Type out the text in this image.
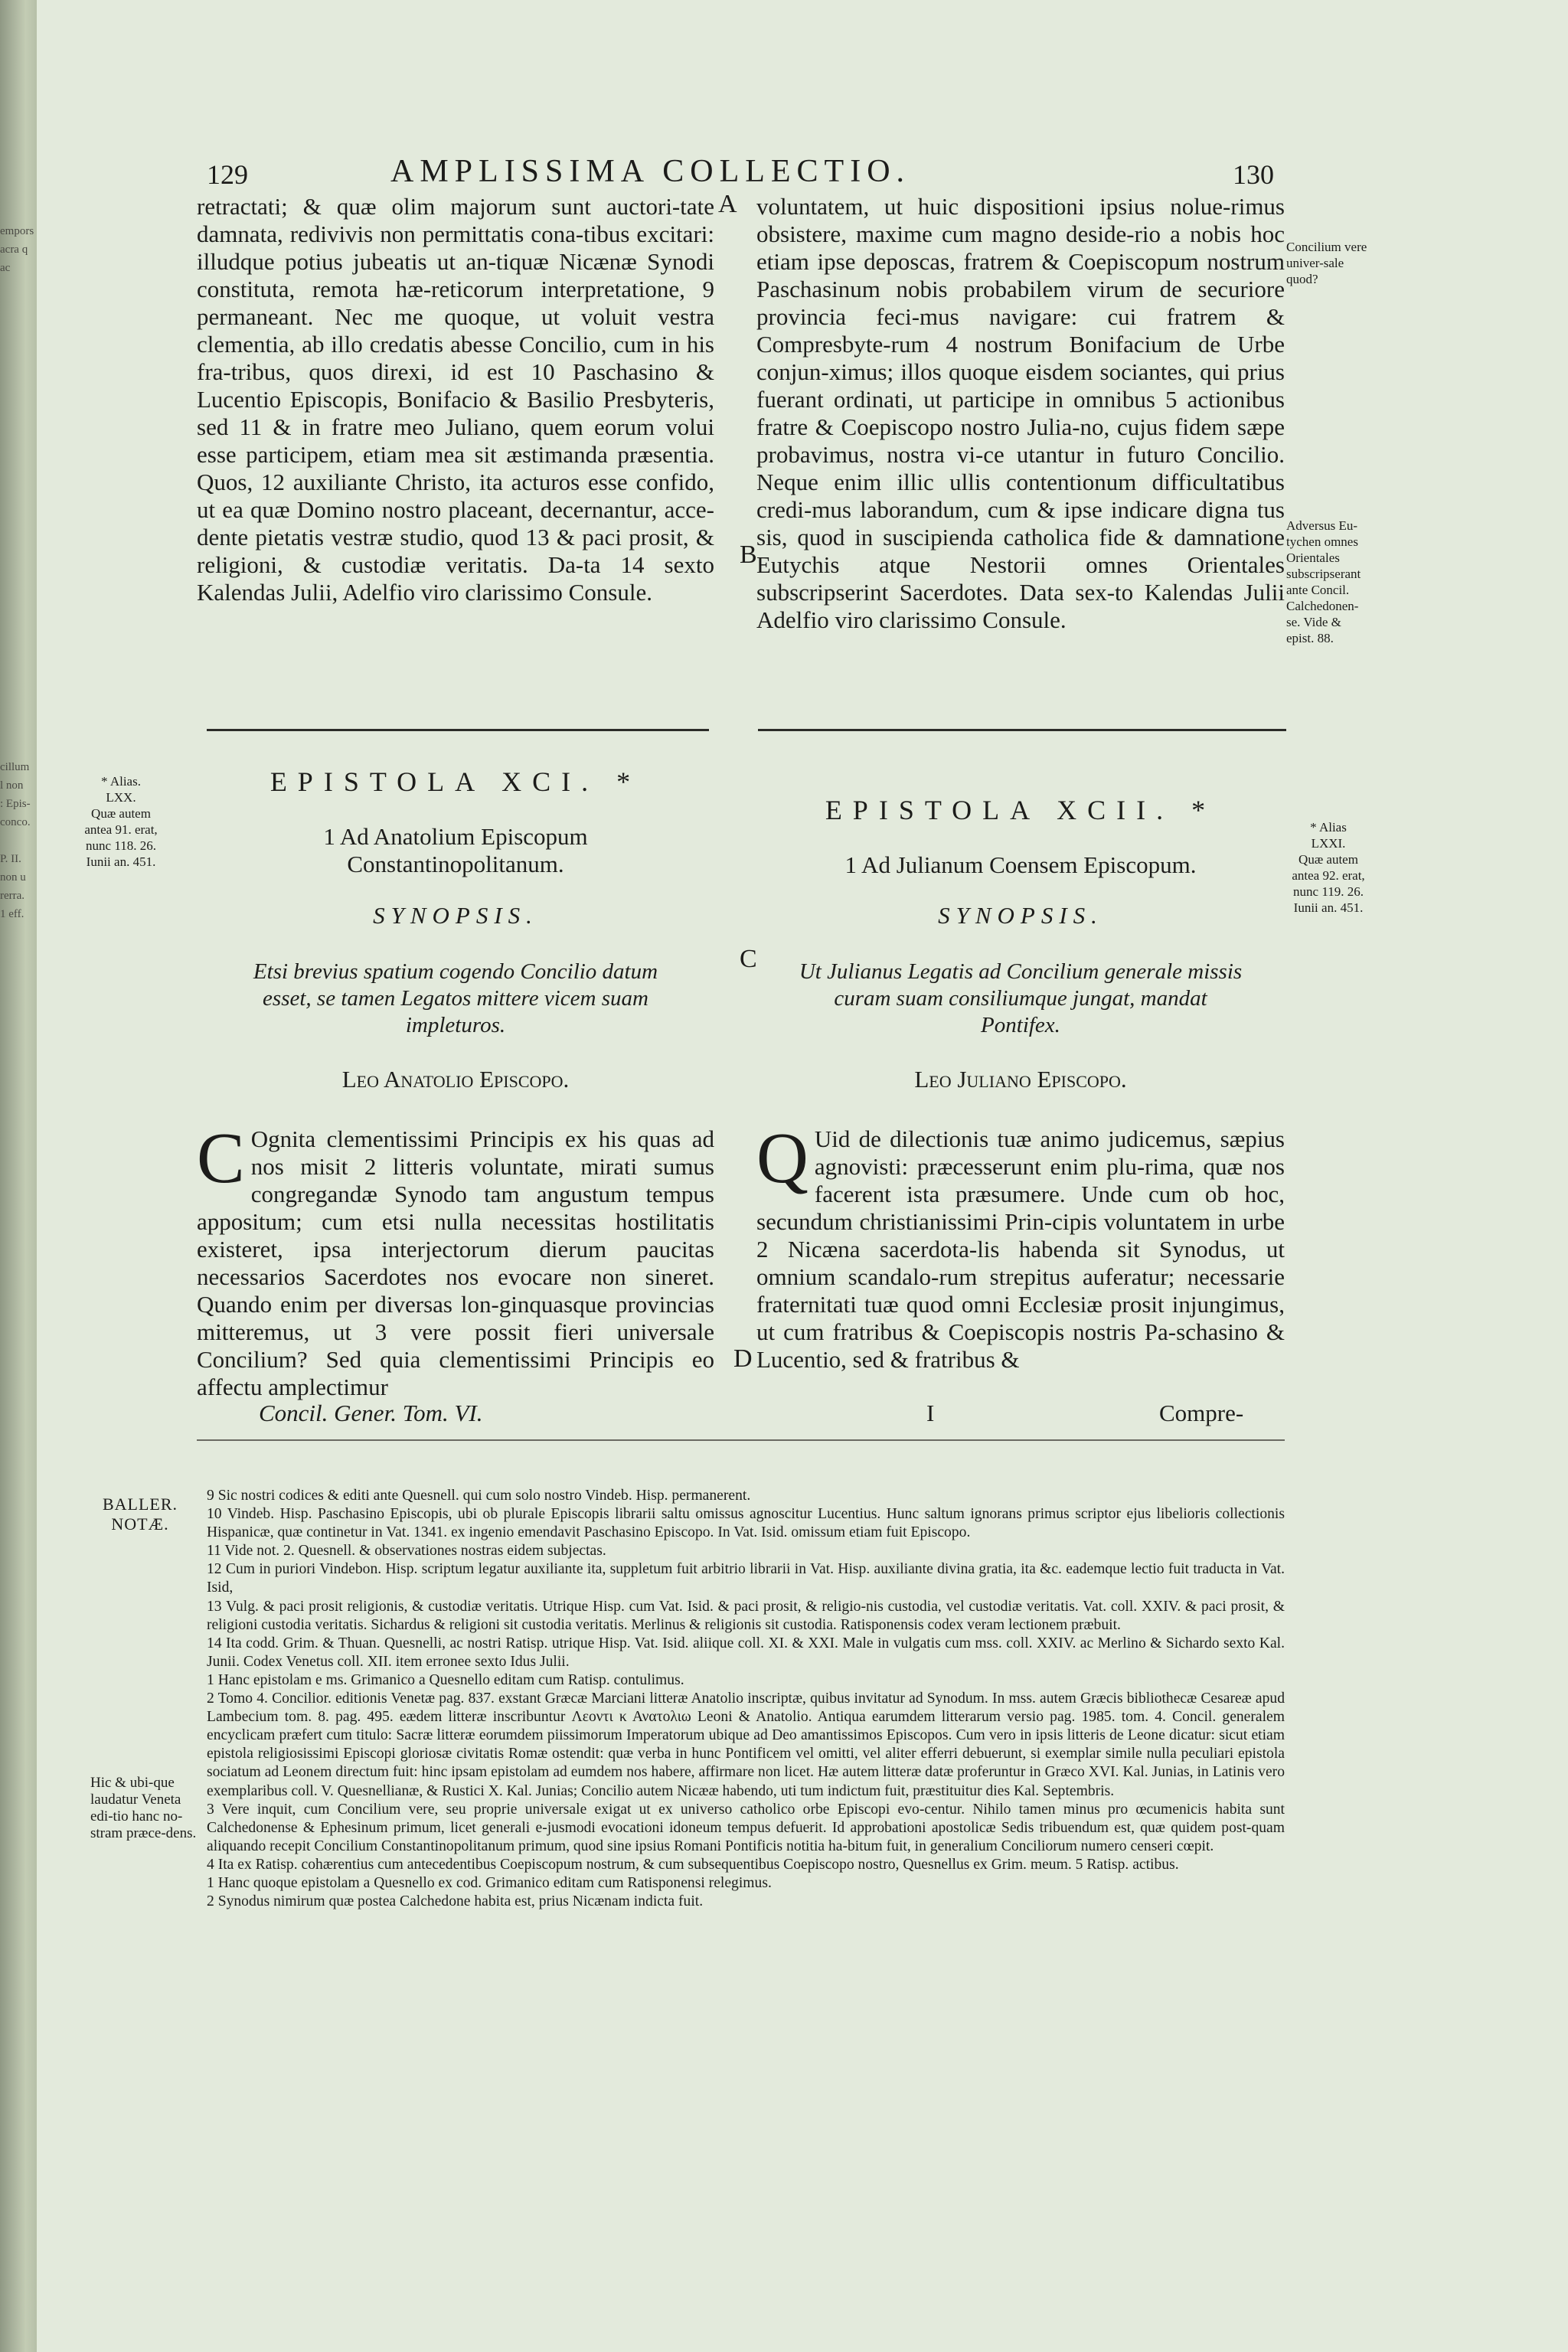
empors
acra q ac
cillum
l non
: Epis-
conco.

P. II.
non u
rerra.
1 eff.
129	AMPLISSIMA COLLECTIO.	130

retractati; & quæ olim majorum sunt auctori-tate damnata, redivivis non permittatis cona-tibus excitari: illudque potius jubeatis ut an-tiquæ Nicænæ Synodi constituta, remota hæ-reticorum interpretatione, 9 permaneant. Nec me quoque, ut voluit vestra clementia, ab illo credatis abesse Concilio, cum in his fra-tribus, quos direxi, id est 10 Paschasino & Lucentio Episcopis, Bonifacio & Basilio Presbyteris, sed 11 & in fratre meo Juliano, quem eorum volui esse participem, etiam mea sit æstimanda præsentia. Quos, 12 auxiliante Christo, ita acturos esse confido, ut ea quæ Domino nostro placeant, decernantur, acce-dente pietatis vestræ studio, quod 13 & paci prosit, & religioni, & custodiæ veritatis. Da-ta 14 sexto Kalendas Julii, Adelfio viro clarissimo Consule.

A
B

voluntatem, ut huic dispositioni ipsius nolue-rimus obsistere, maxime cum magno deside-rio a nobis hoc etiam ipse deposcas, fratrem & Coepiscopum nostrum Paschasinum nobis probabilem virum de securiore provincia feci-mus navigare: cui fratrem & Compresbyte-rum 4 nostrum Bonifacium de Urbe conjun-ximus; illos quoque eisdem sociantes, qui prius fuerant ordinati, ut participe in omnibus 5 actionibus fratre & Coepiscopo nostro Julia-no, cujus fidem sæpe probavimus, nostra vi-ce utantur in futuro Concilio. Neque enim illic ullis contentionum difficultatibus credi-mus laborandum, cum & ipse indicare digna tus sis, quod in suscipienda catholica fide & damnatione Eutychis atque Nestorii omnes Orientales subscripserint Sacerdotes. Data sex-to Kalendas Julii Adelfio viro clarissimo Consule.

Concilium vere univer-sale quod?
Adversus Eu-tychen omnes Orientales subscripserant ante Concil. Calchedonen-se. Vide & epist. 88.
* Alias.
LXX.
Quæ autem antea 91. erat, nunc 118. 26. Iunii an. 451.
EPISTOLA XCI. *
1 Ad Anatolium Episcopum Constantinopolitanum.
SYNOPSIS.
Etsi brevius spatium cogendo Concilio datum esset, se tamen Legatos mittere vicem suam impleturos.
Leo Anatolio Episcopo.
C Ognita clementissimi Principis ex his quas ad nos misit 2 litteris voluntate, mirati sumus congregandæ Synodo tam angustum tempus appositum; cum etsi nulla necessitas hostilitatis existeret, ipsa interjectorum dierum paucitas necessarios Sacerdotes nos evocare non sineret. Quando enim per diversas lon-ginquasque provincias mitteremus, ut 3 vere possit fieri universale Concilium? Sed quia clementissimi Principis eo affectu amplectimur

Concil. Gener. Tom. VI.
C
D
* Alias
LXXI.
Quæ autem antea 92. erat, nunc 119. 26. Iunii an. 451.
EPISTOLA XCII. *
1 Ad Julianum Coensem Episcopum.
SYNOPSIS.
Ut Julianus Legatis ad Concilium generale missis curam suam consiliumque jungat, mandat Pontifex.
Leo Juliano Episcopo.
Q Uid de dilectionis tuæ animo judicemus, sæpius agnovisti: præcesserunt enim plu-rima, quæ nos facerent ista præsumere. Unde cum ob hoc, secundum christianissimi Prin-cipis voluntatem in urbe 2 Nicæna sacerdota-lis habenda sit Synodus, ut omnium scandalo-rum strepitus auferatur; necessarie fraternitati tuæ quod omni Ecclesiæ prosit injungimus, ut cum fratribus & Coepiscopis nostris Pa-schasino & Lucentio, sed & fratribus &

I	Compre-
BALLER. NOTÆ.
Hic & ubi-que laudatur Veneta edi-tio hanc no-stram præce-dens.

9 Sic nostri codices & editi ante Quesnell. qui cum solo nostro Vindeb. Hisp. permanerent.

10 Vindeb. Hisp. Paschasino Episcopis, ubi ob plurale Episcopis librarii saltu omissus agnoscitur Lucentius. Hunc saltum ignorans primus scriptor ejus libelioris collectionis Hispanicæ, quæ continetur in Vat. 1341. ex ingenio emendavit Paschasino Episcopo. In Vat. Isid. omissum etiam fuit Episcopo.

11 Vide not. 2. Quesnell. & observationes nostras eidem subjectas.

12 Cum in puriori Vindebon. Hisp. scriptum legatur auxiliante ita, suppletum fuit arbitrio librarii in Vat. Hisp. auxiliante divina gratia, ita &c. eademque lectio fuit traducta in Vat. Isid,

13 Vulg. & paci prosit religionis, & custodiæ veritatis. Utrique Hisp. cum Vat. Isid. & paci prosit, & religio-nis custodia, vel custodiæ veritatis. Vat. coll. XXIV. & paci prosit, & religioni custodia veritatis. Sichardus & religioni sit custodia veritatis. Merlinus & religionis sit custodia. Ratisponensis codex veram lectionem præbuit.

14 Ita codd. Grim. & Thuan. Quesnelli, ac nostri Ratisp. utrique Hisp. Vat. Isid. aliique coll. XI. & XXI. Male in vulgatis cum mss. coll. XXIV. ac Merlino & Sichardo sexto Kal. Junii. Codex Venetus coll. XII. item erronee sexto Idus Julii.

1 Hanc epistolam e ms. Grimanico a Quesnello editam cum Ratisp. contulimus.

2 Tomo 4. Concilior. editionis Venetæ pag. 837. exstant Græcæ Marciani litteræ Anatolio inscriptæ, quibus invitatur ad Synodum. In mss. autem Græcis bibliothecæ Cesareæ apud Lambecium tom. 8. pag. 495. eædem litteræ inscribuntur Λεοντι κ Ανατολιω Leoni & Anatolio. Antiqua earumdem litterarum versio pag. 1985. tom. 4. Concil. generalem encyclicam præfert cum titulo: Sacræ litteræ eorumdem piissimorum Imperatorum ubique ad Deo amantissimos Episcopos. Cum vero in ipsis litteris de Leone dicatur: sicut etiam epistola religiosissimi Episcopi gloriosæ civitatis Romæ ostendit: quæ verba in hunc Pontificem vel omitti, vel aliter efferri debuerunt, si exemplar simile nulla peculiari epistola sociatum ad Leonem directum fuit: hinc ipsam epistolam ad eumdem nos habere, affirmare non licet. Hæ autem litteræ datæ proferuntur in Græco XVI. Kal. Junias, in Latinis vero exemplaribus coll. V. Quesnellianæ, & Rustici X. Kal. Junias; Concilio autem Nicææ habendo, uti tum indictum fuit, præstituitur dies Kal. Septembris.

3 Vere inquit, cum Concilium vere, seu proprie universale exigat ut ex universo catholico orbe Episcopi evo-centur. Nihilo tamen minus pro œcumenicis habita sunt Calchedonense & Ephesinum primum, licet generali e-jusmodi evocationi idoneum tempus defuerit. Id approbationi apostolicæ Sedis tribuendum est, quæ quidem post-quam aliquando recepit Concilium Constantinopolitanum primum, quod sine ipsius Romani Pontificis notitia ha-bitum fuit, in generalium Conciliorum numero censeri cœpit.

4 Ita ex Ratisp. cohærentius cum antecedentibus Coepiscopum nostrum, & cum subsequentibus Coepiscopo nostro, Quesnellus ex Grim. meum. 5 Ratisp. actibus.

1 Hanc quoque epistolam a Quesnello ex cod. Grimanico editam cum Ratisponensi relegimus.

2 Synodus nimirum quæ postea Calchedone habita est, prius Nicænam indicta fuit.
